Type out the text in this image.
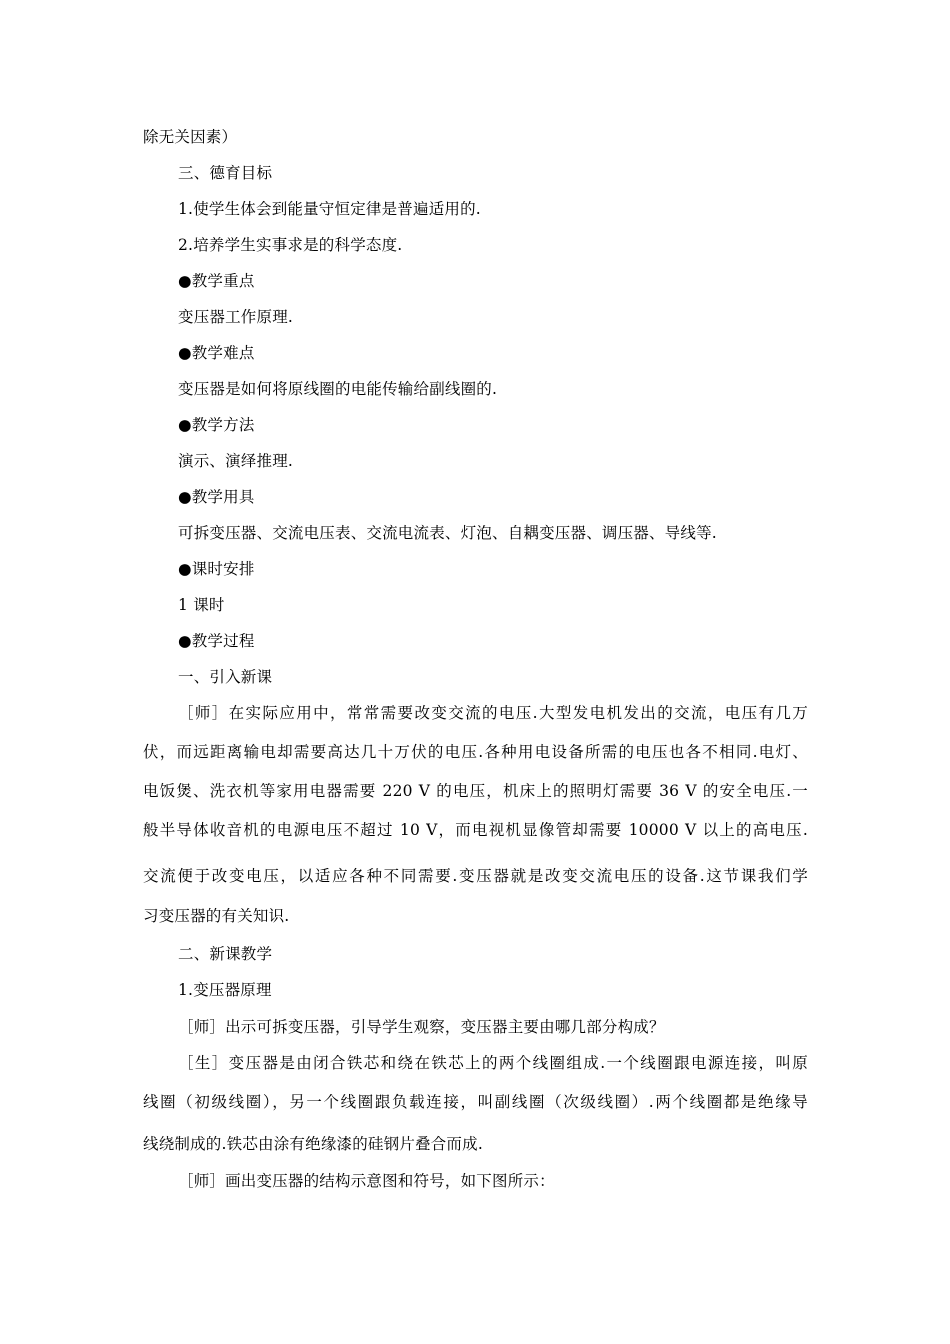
除无关因素）
三、德育目标
1.使学生体会到能量守恒定律是普遍适用的.
2.培养学生实事求是的科学态度.
●教学重点
变压器工作原理.
●教学难点
变压器是如何将原线圈的电能传输给副线圈的.
●教学方法
演示、演绎推理.
●教学用具
可拆变压器、交流电压表、交流电流表、灯泡、自耦变压器、调压器、导线等.
●课时安排
1 课时
●教学过程
一、引入新课
［师］在实际应用中，常常需要改变交流的电压.大型发电机发出的交流，电压有几万
伏，而远距离输电却需要高达几十万伏的电压.各种用电设备所需的电压也各不相同.电灯、
电饭煲、洗衣机等家用电器需要 220 V 的电压，机床上的照明灯需要 36 V 的安全电压.一
般半导体收音机的电源电压不超过 10 V，而电视机显像管却需要 10000 V 以上的高电压.
交流便于改变电压，以适应各种不同需要.变压器就是改变交流电压的设备.这节课我们学
习变压器的有关知识.
二、新课教学
1.变压器原理
［师］出示可拆变压器，引导学生观察，变压器主要由哪几部分构成？
［生］变压器是由闭合铁芯和绕在铁芯上的两个线圈组成.一个线圈跟电源连接，叫原
线圈（初级线圈），另一个线圈跟负载连接，叫副线圈（次级线圈）.两个线圈都是绝缘导
线绕制成的.铁芯由涂有绝缘漆的硅钢片叠合而成.
［师］画出变压器的结构示意图和符号，如下图所示：
